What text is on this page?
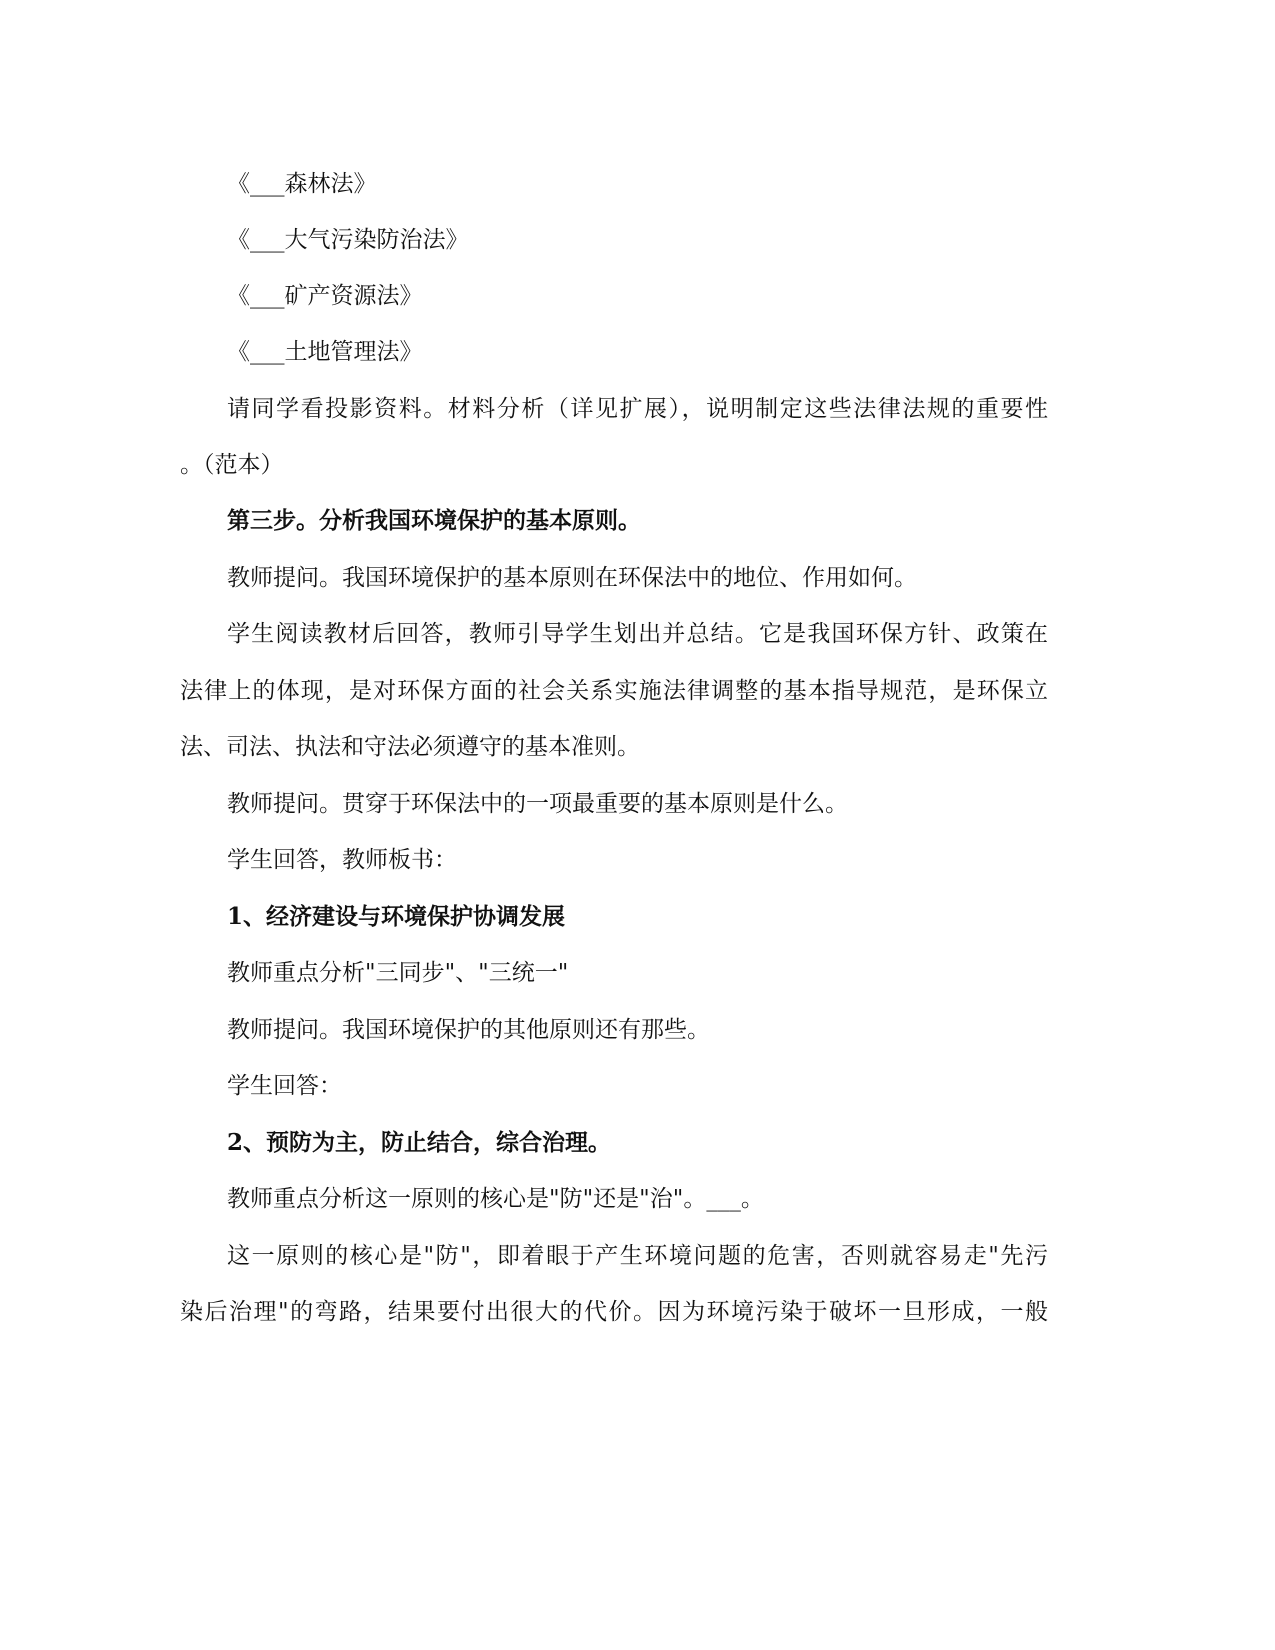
《___森林法》
《___大气污染防治法》
《___矿产资源法》
《___土地管理法》
请同学看投影资料。材料分析（详见扩展），说明制定这些法律法规的重要性
。（范本）
第三步。分析我国环境保护的基本原则。
教师提问。我国环境保护的基本原则在环保法中的地位、作用如何。
学生阅读教材后回答，教师引导学生划出并总结。它是我国环保方针、政策在
法律上的体现，是对环保方面的社会关系实施法律调整的基本指导规范，是环保立
法、司法、执法和守法必须遵守的基本准则。
教师提问。贯穿于环保法中的一项最重要的基本原则是什么。
学生回答，教师板书：
1、经济建设与环境保护协调发展
教师重点分析"三同步"、"三统一"
教师提问。我国环境保护的其他原则还有那些。
学生回答：
2、预防为主，防止结合，综合治理。
教师重点分析这一原则的核心是"防"还是"治"。___。
这一原则的核心是"防"，即着眼于产生环境问题的危害，否则就容易走"先污
染后治理"的弯路，结果要付出很大的代价。因为环境污染于破坏一旦形成，一般
